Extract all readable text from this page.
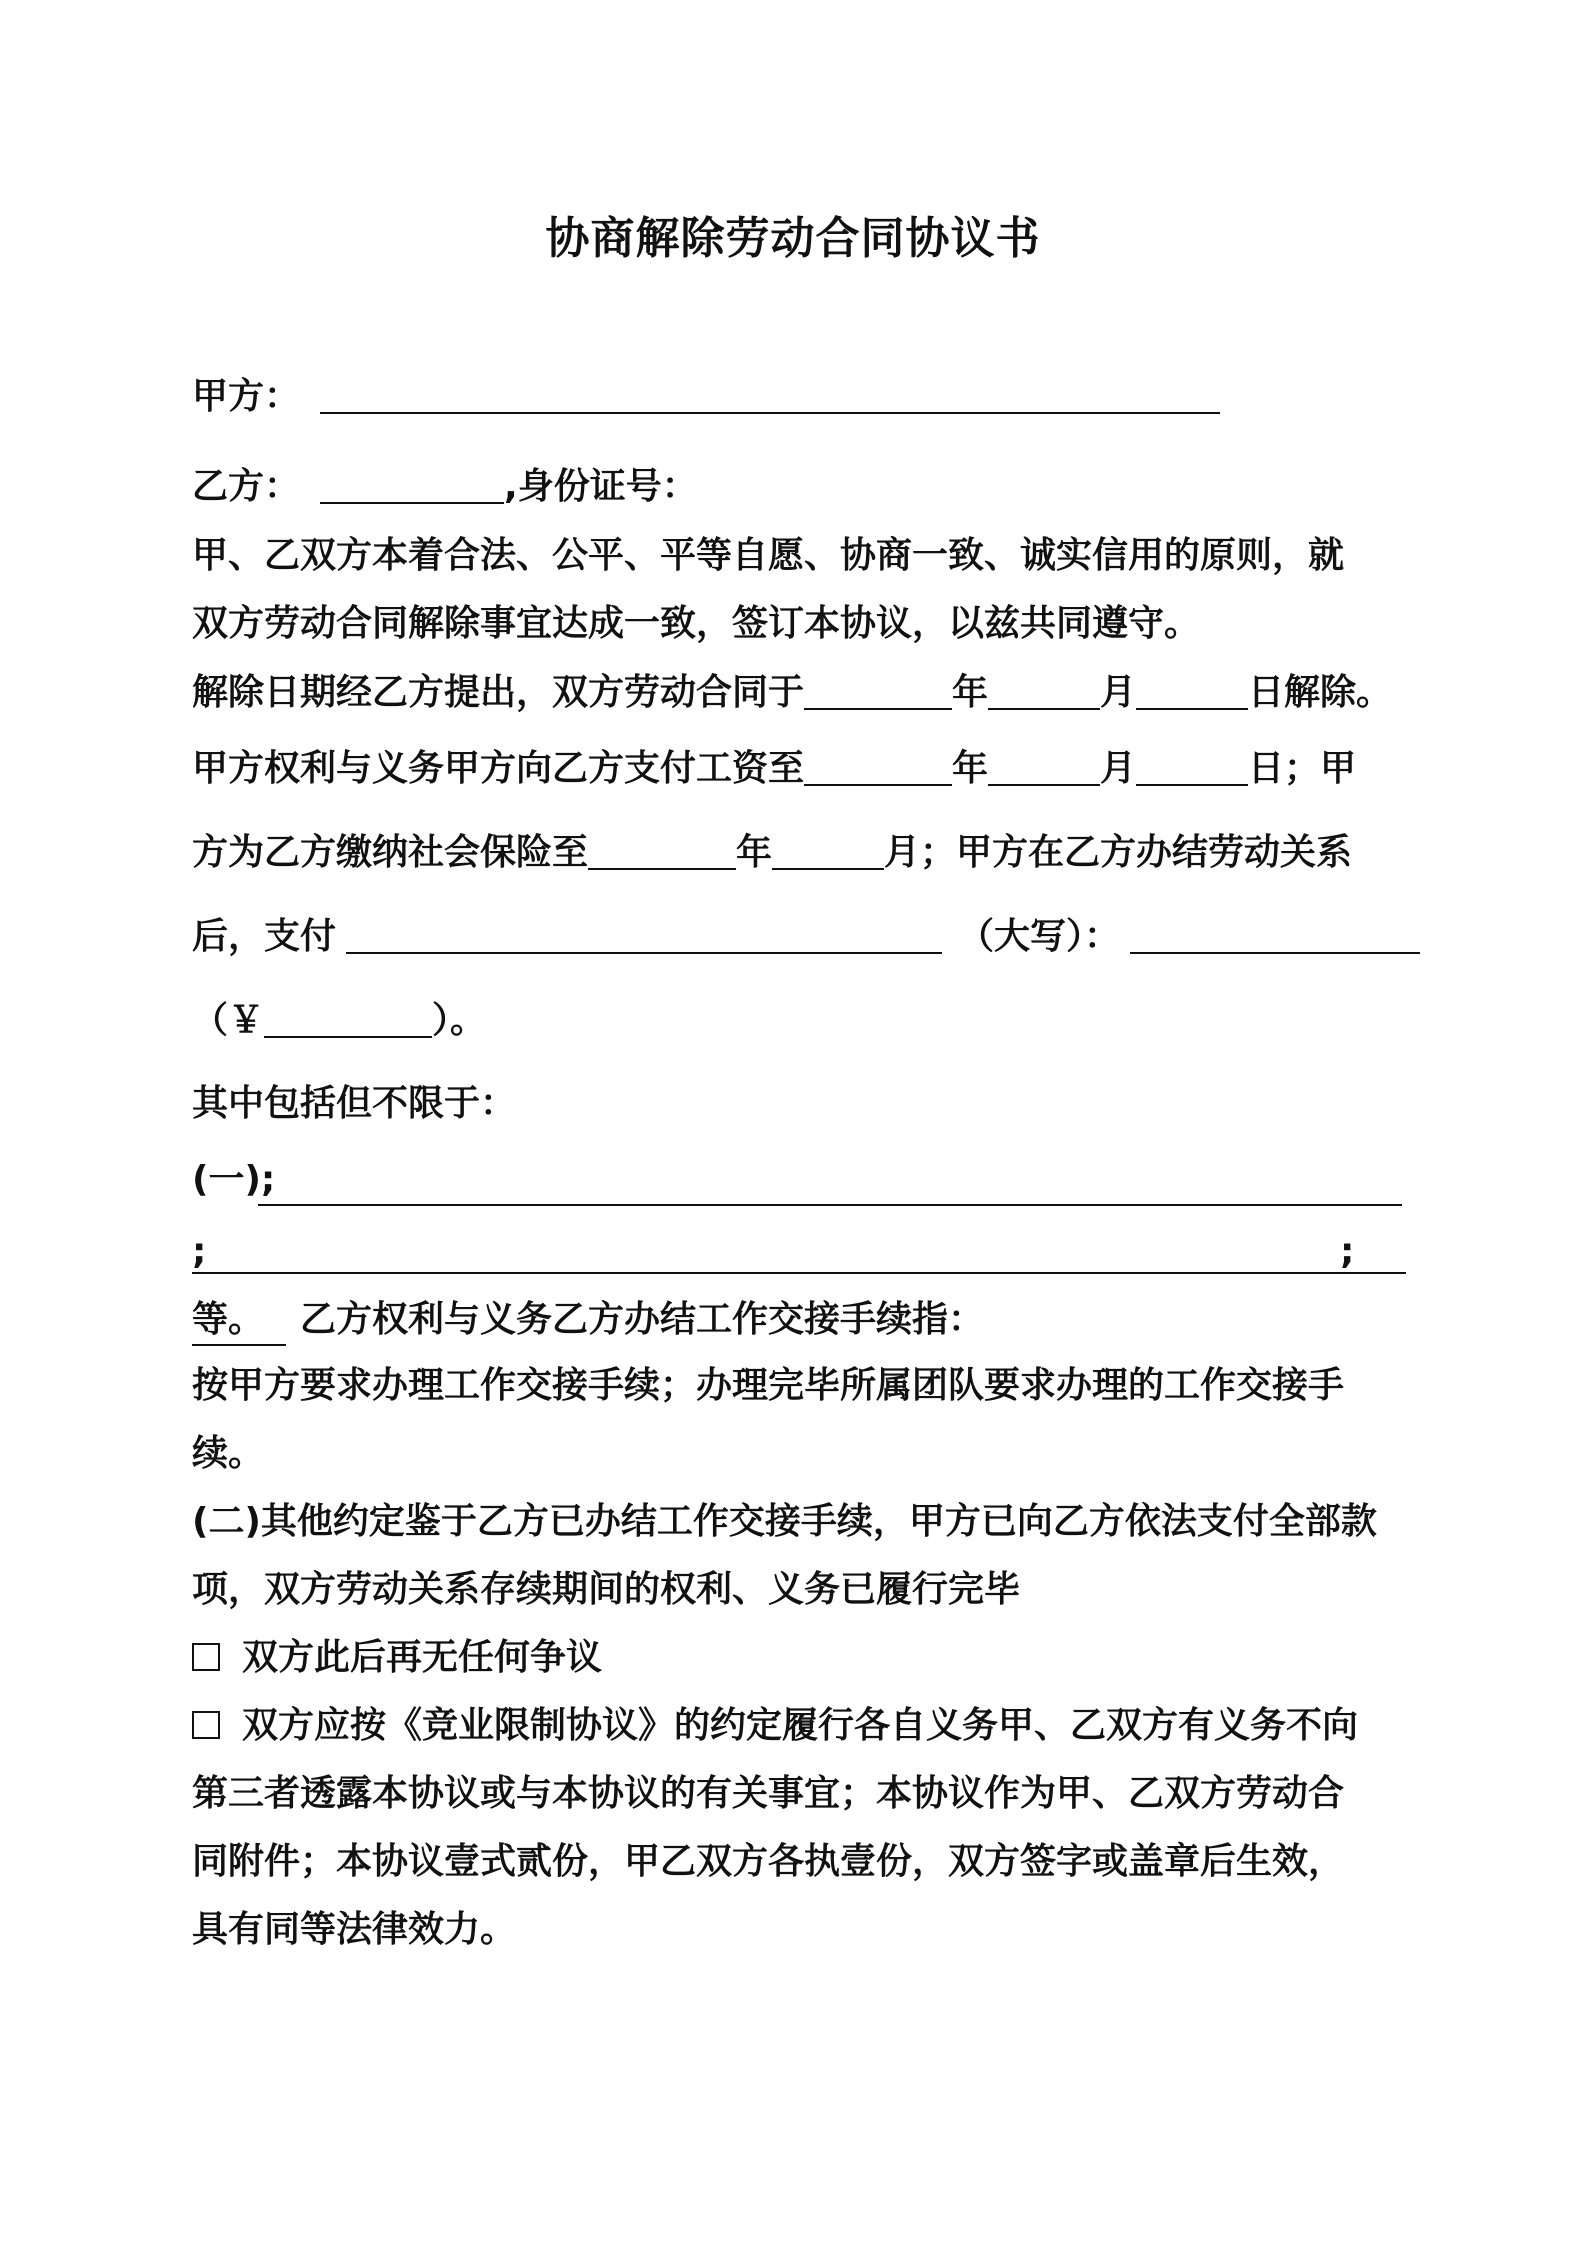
协商解除劳动合同协议书
甲方：
乙方：	,身份证号：
甲、乙双方本着合法、公平、平等自愿、协商一致、诚实信用的原则，就
双方劳动合同解除事宜达成一致，签订本协议，以兹共同遵守。
解除日期经乙方提出，双方劳动合同于	年	月	日解除。
甲方权利与义务甲方向乙方支付工资至	年	月	日；甲
方为乙方缴纳社会保险至	年	月；甲方在乙方办结劳动关系
后，支付	（大写）：
（￥	）。
其中包括但不限于：
(一);
;	;
等。 乙方权利与义务乙方办结工作交接手续指：
按甲方要求办理工作交接手续；办理完毕所属团队要求办理的工作交接手
续。
(二)其他约定鉴于乙方已办结工作交接手续，甲方已向乙方依法支付全部款
项，双方劳动关系存续期间的权利、义务已履行完毕
双方此后再无任何争议
双方应按《竞业限制协议》的约定履行各自义务甲、乙双方有义务不向
第三者透露本协议或与本协议的有关事宜；本协议作为甲、乙双方劳动合
同附件；本协议壹式贰份，甲乙双方各执壹份，双方签字或盖章后生效，
具有同等法律效力。
